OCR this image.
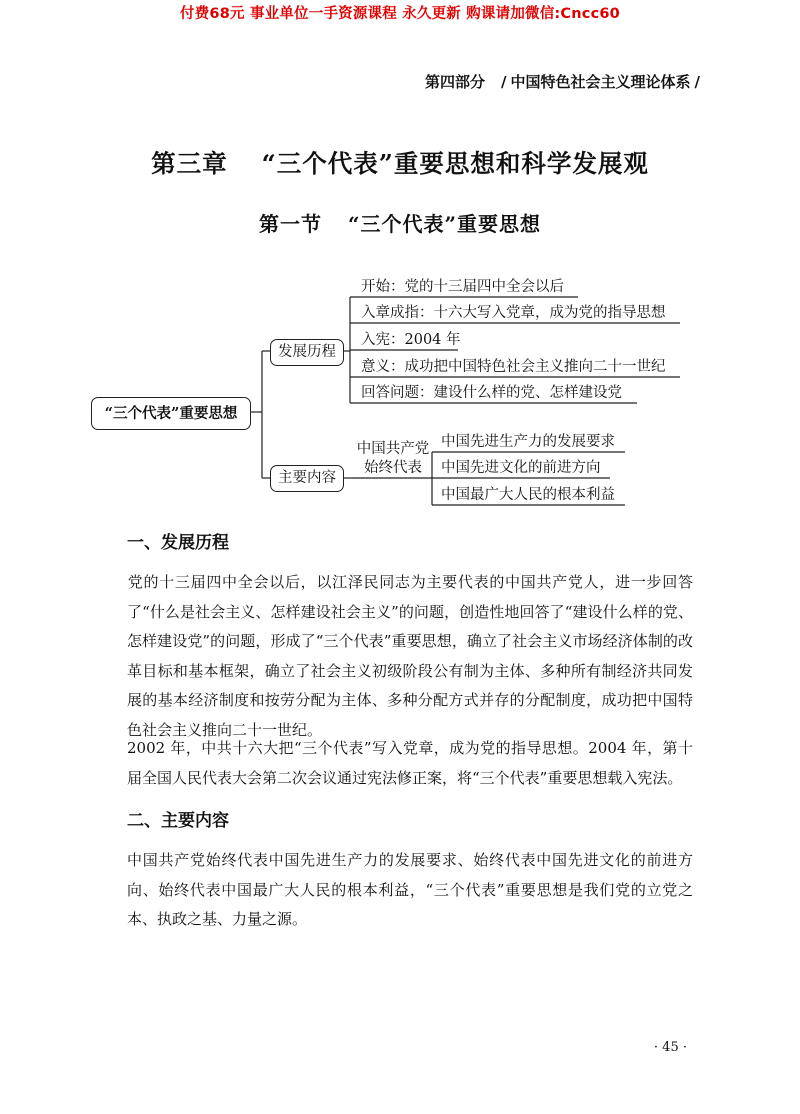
付费68元 事业单位一手资源课程 永久更新 购课请加微信:Cncc60
第四部分 / 中国特色社会主义理论体系 /
第三章 “三个代表”重要思想和科学发展观
第一节 “三个代表”重要思想
“三个代表”重要思想
发展历程
主要内容
开始：党的十三届四中全会以后
入章成指：十六大写入党章，成为党的指导思想
入宪：2004 年
意义：成功把中国特色社会主义推向二十一世纪
回答问题：建设什么样的党、怎样建设党
中国共产党
始终代表
中国先进生产力的发展要求
中国先进文化的前进方向
中国最广大人民的根本利益
一、发展历程
党的十三届四中全会以后，以江泽民同志为主要代表的中国共产党人，进一步回答了“什么是社会主义、怎样建设社会主义”的问题，创造性地回答了“建设什么样的党、怎样建设党”的问题，形成了“三个代表”重要思想，确立了社会主义市场经济体制的改革目标和基本框架，确立了社会主义初级阶段公有制为主体、多种所有制经济共同发展的基本经济制度和按劳分配为主体、多种分配方式并存的分配制度，成功把中国特色社会主义推向二十一世纪。
2002 年，中共十六大把“三个代表”写入党章，成为党的指导思想。2004 年，第十届全国人民代表大会第二次会议通过宪法修正案，将“三个代表”重要思想载入宪法。
二、主要内容
中国共产党始终代表中国先进生产力的发展要求、始终代表中国先进文化的前进方向、始终代表中国最广大人民的根本利益，“三个代表”重要思想是我们党的立党之本、执政之基、力量之源。
· 45 ·
